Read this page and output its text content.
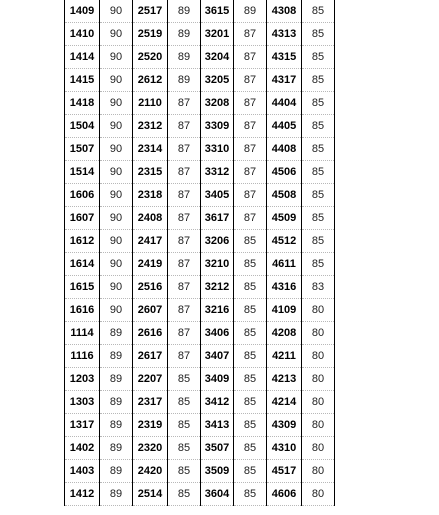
1409	90	2517	89	3615	89	4308	85
1410	90	2519	89	3201	87	4313	85
1414	90	2520	89	3204	87	4315	85
1415	90	2612	89	3205	87	4317	85
1418	90	2110	87	3208	87	4404	85
1504	90	2312	87	3309	87	4405	85
1507	90	2314	87	3310	87	4408	85
1514	90	2315	87	3312	87	4506	85
1606	90	2318	87	3405	87	4508	85
1607	90	2408	87	3617	87	4509	85
1612	90	2417	87	3206	85	4512	85
1614	90	2419	87	3210	85	4611	85
1615	90	2516	87	3212	85	4316	83
1616	90	2607	87	3216	85	4109	80
1114	89	2616	87	3406	85	4208	80
1116	89	2617	87	3407	85	4211	80
1203	89	2207	85	3409	85	4213	80
1303	89	2317	85	3412	85	4214	80
1317	89	2319	85	3413	85	4309	80
1402	89	2320	85	3507	85	4310	80
1403	89	2420	85	3509	85	4517	80
1412	89	2514	85	3604	85	4606	80
